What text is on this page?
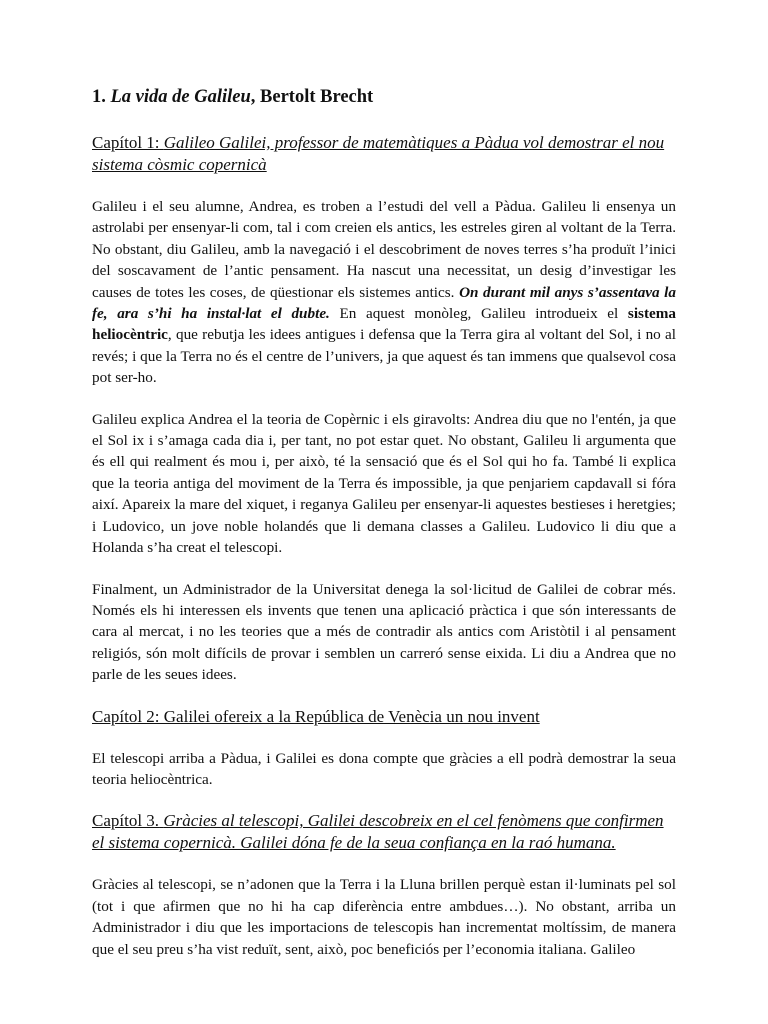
1. La vida de Galileu, Bertolt Brecht
Capítol 1: Galileo Galilei, professor de matemàtiques a Pàdua vol demostrar el nou sistema còsmic copernicà

Galileu i el seu alumne, Andrea, es troben a l’estudi del vell a Pàdua. Galileu li ensenya un astrolabi per ensenyar-li com, tal i com creien els antics, les estreles giren al voltant de la Terra. No obstant, diu Galileu, amb la navegació i el descobriment de noves terres s’ha produït l’inici del soscavament de l’antic pensament. Ha nascut una necessitat, un desig d’investigar les causes de totes les coses, de qüestionar els sistemes antics. On durant mil anys s’assentava la fe, ara s’hi ha instal·lat el dubte. En aquest monòleg, Galileu introdueix el sistema heliocèntric, que rebutja les idees antigues i defensa que la Terra gira al voltant del Sol, i no al revés; i que la Terra no és el centre de l’univers, ja que aquest és tan immens que qualsevol cosa pot ser-ho.

Galileu explica Andrea el la teoria de Copèrnic i els giravolts: Andrea diu que no l'entén, ja que el Sol ix i s’amaga cada dia i, per tant, no pot estar quet. No obstant, Galileu li argumenta que és ell qui realment és mou i, per això, té la sensació que és el Sol qui ho fa. També li explica que la teoria antiga del moviment de la Terra és impossible, ja que penjariem capdavall si fóra així. Apareix la mare del xiquet, i reganya Galileu per ensenyar-li aquestes bestieses i heretgies; i Ludovico, un jove noble holandés que li demana classes a Galileu. Ludovico li diu que a Holanda s’ha creat el telescopi.

Finalment, un Administrador de la Universitat denega la sol·licitud de Galilei de cobrar més. Només els hi interessen els invents que tenen una aplicació pràctica i que són interessants de cara al mercat, i no les teories que a més de contradir als antics com Aristòtil i al pensament religiós, són molt difícils de provar i semblen un carreró sense eixida. Li diu a Andrea que no parle de les seues idees.

Capítol 2: Galilei ofereix a la República de Venècia un nou invent

El telescopi arriba a Pàdua, i Galilei es dona compte que gràcies a ell podrà demostrar la seua teoria heliocèntrica.

Capítol 3. Gràcies al telescopi, Galilei descobreix en el cel fenòmens que confirmen el sistema copernicà. Galilei dóna fe de la seua confiança en la raó humana.

Gràcies al telescopi, se n’adonen que la Terra i la Lluna brillen perquè estan il·luminats pel sol (tot i que afirmen que no hi ha cap diferència entre ambdues…). No obstant, arriba un Administrador i diu que les importacions de telescopis han incrementat moltíssim, de manera que el seu preu s’ha vist reduït, sent, això, poc beneficiós per l’economia italiana. Galileo
